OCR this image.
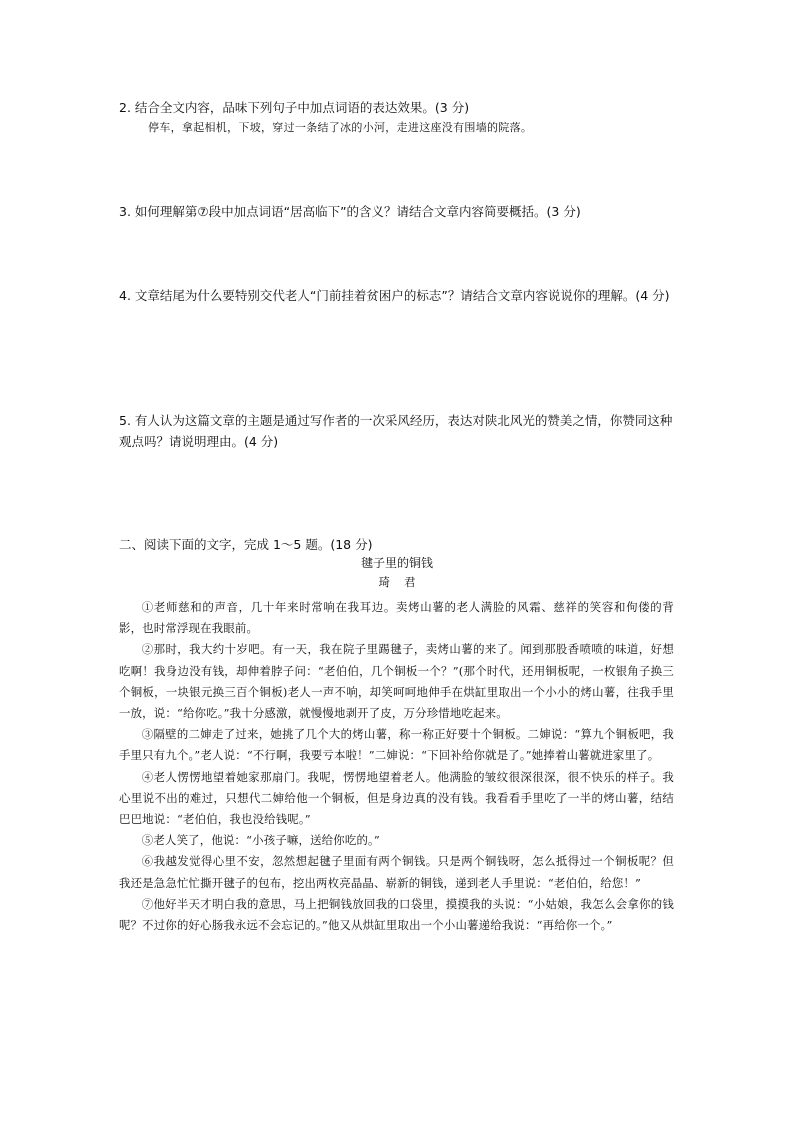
2. 结合全文内容，品味下列句子中加点词语的表达效果。(3 分)

停车，拿起相机，下坡，穿过一条结了冰的小河，走进这座没有围墙的院落。

3. 如何理解第⑦段中加点词语“居高临下”的含义？请结合文章内容简要概括。(3 分)

4. 文章结尾为什么要特别交代老人“门前挂着贫困户的标志”？请结合文章内容说说你的理解。(4 分)

5. 有人认为这篇文章的主题是通过写作者的一次采风经历，表达对陕北风光的赞美之情，你赞同这种观点吗？请说明理由。(4 分)

二、阅读下面的文字，完成 1～5 题。(18 分)

毽子里的铜钱

琦君

①老师慈和的声音，几十年来时常响在我耳边。卖烤山薯的老人满脸的风霜、慈祥的笑容和佝偻的背影，也时常浮现在我眼前。

②那时，我大约十岁吧。有一天，我在院子里踢毽子，卖烤山薯的来了。闻到那股香喷喷的味道，好想吃啊！我身边没有钱，却伸着脖子问：“老伯伯，几个铜板一个？”(那个时代，还用铜板呢，一枚银角子换三个铜板，一块银元换三百个铜板)老人一声不响，却笑呵呵地伸手在烘缸里取出一个小小的烤山薯，往我手里一放，说：“给你吃。”我十分感激，就慢慢地剥开了皮，万分珍惜地吃起来。

③隔壁的二婶走了过来，她挑了几个大的烤山薯，称一称正好要十个铜板。二婶说：“算九个铜板吧，我手里只有九个。”老人说：“不行啊，我要亏本啦！”二婶说：“下回补给你就是了。”她捧着山薯就进家里了。

④老人愣愣地望着她家那扇门。我呢，愣愣地望着老人。他满脸的皱纹很深很深，很不快乐的样子。我心里说不出的难过，只想代二婶给他一个铜板，但是身边真的没有钱。我看看手里吃了一半的烤山薯，结结巴巴地说：“老伯伯，我也没给钱呢。”

⑤老人笑了，他说：“小孩子嘛，送给你吃的。”

⑥我越发觉得心里不安，忽然想起毽子里面有两个铜钱。只是两个铜钱呀，怎么抵得过一个铜板呢？但我还是急急忙忙撕开毽子的包布，挖出两枚亮晶晶、崭新的铜钱，递到老人手里说：“老伯伯，给您！”

⑦他好半天才明白我的意思，马上把铜钱放回我的口袋里，摸摸我的头说：“小姑娘，我怎么会拿你的钱呢？不过你的好心肠我永远不会忘记的。”他又从烘缸里取出一个小山薯递给我说：“再给你一个。”
